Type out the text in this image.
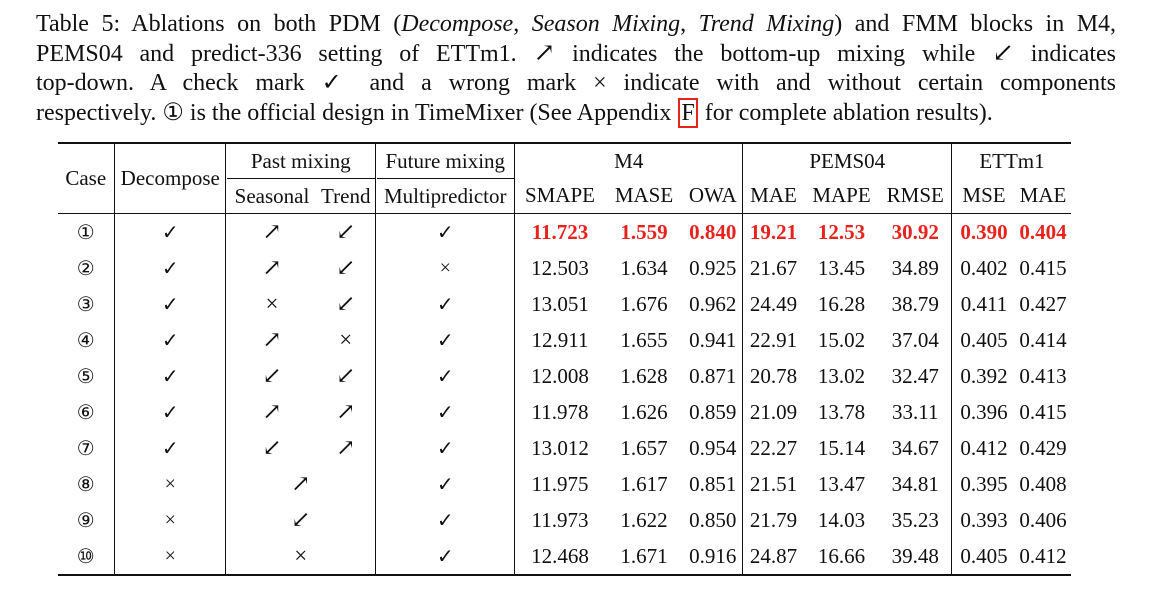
Table 5: Ablations on both PDM (Decompose, Season Mixing, Trend Mixing) and FMM blocks in M4,
PEMS04 and predict-336 setting of ETTm1. ↗ indicates the bottom-up mixing while ↙ indicates
top-down. A check mark ✓ and a wrong mark × indicate with and without certain components
respectively. ① is the official design in TimeMixer (See Appendix F for complete ablation results).
Case		Decompose		Past mixing			Future mixing		M4				PEMS04			ETTm1	
			Seasonal	Trend		Multipredictor		SMAPE	MASE	OWA		MAE	MAPE	RMSE		MSE	MAE
①		✓		↗	↙		✓		11.723	1.559	0.840		19.21	12.53	30.92		0.390	0.404
②		✓		↗	↙		×		12.503	1.634	0.925		21.67	13.45	34.89		0.402	0.415
③		✓		×	↙		✓		13.051	1.676	0.962		24.49	16.28	38.79		0.411	0.427
④		✓		↗	×		✓		12.911	1.655	0.941		22.91	15.02	37.04		0.405	0.414
⑤		✓		↙	↙		✓		12.008	1.628	0.871		20.78	13.02	32.47		0.392	0.413
⑥		✓		↗	↗		✓		11.978	1.626	0.859		21.09	13.78	33.11		0.396	0.415
⑦		✓		↙	↗		✓		13.012	1.657	0.954		22.27	15.14	34.67		0.412	0.429
⑧		×		↗			✓		11.975	1.617	0.851		21.51	13.47	34.81		0.395	0.408
⑨		×		↙			✓		11.973	1.622	0.850		21.79	14.03	35.23		0.393	0.406
⑩		×		×			✓		12.468	1.671	0.916		24.87	16.66	39.48		0.405	0.412
